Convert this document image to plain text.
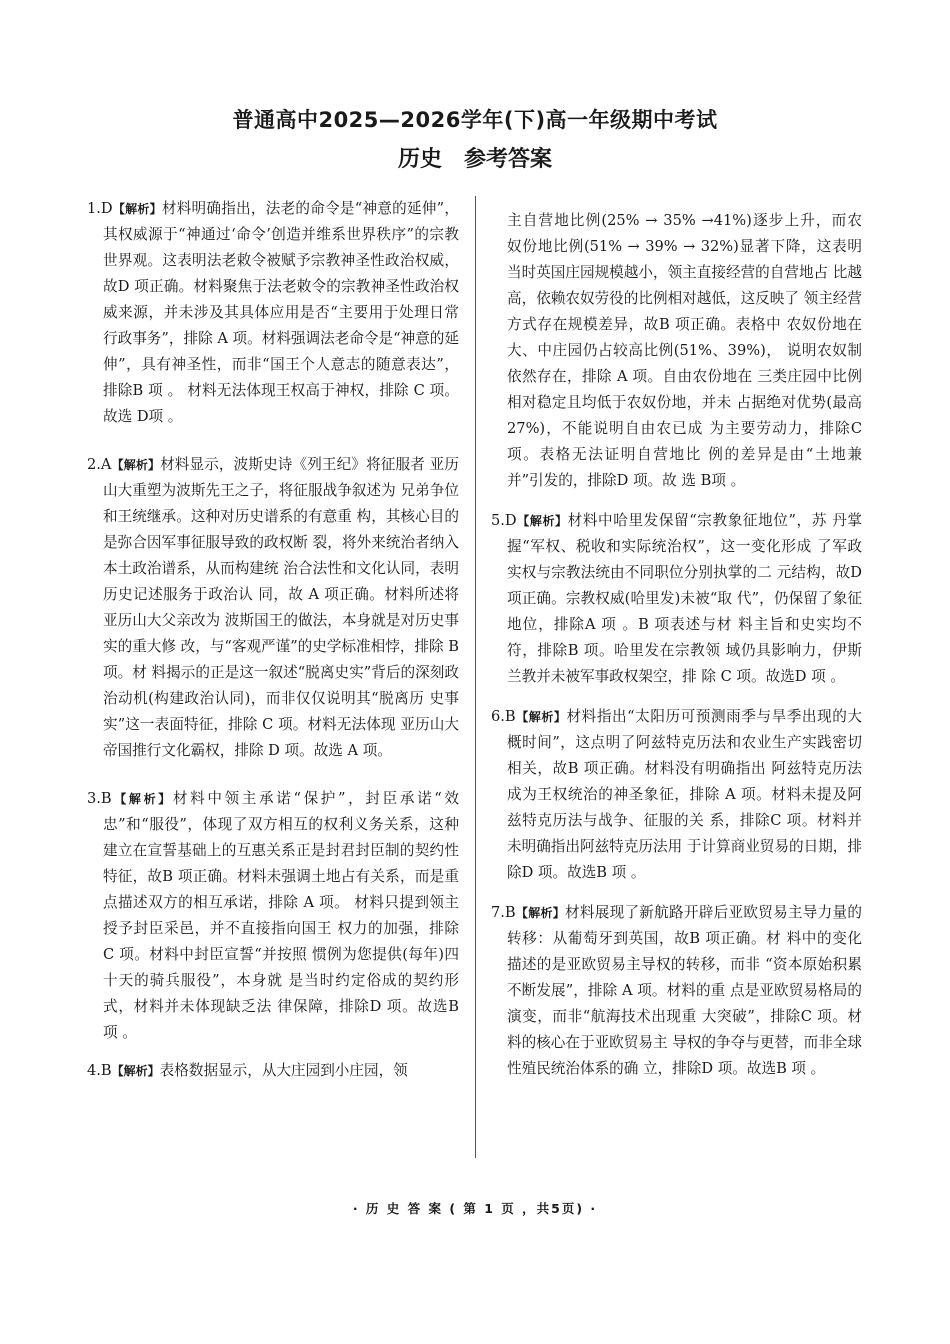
普通高中2025—2026学年(下)高一年级期中考试
历史　参考答案

1.D【解析】材料明确指出，法老的命令是“神意的延伸”，其权威源于“神通过‘命令’创造并维系世界秩序”的宗教世界观。这表明法老敕令被赋予宗教神圣性政治权威，故D 项正确。材料聚焦于法老敕令的宗教神圣性政治权威来源，并未涉及其具体应用是否“主要用于处理日常行政事务”，排除 A 项。材料强调法老命令是“神意的延伸”，具有神圣性，而非“国王个人意志的随意表达”，排除B 项 。 材料无法体现王权高于神权，排除 C 项。故选 D项 。

2.A【解析】材料显示，波斯史诗《列王纪》将征服者 亚历山大重塑为波斯先王之子，将征服战争叙述为 兄弟争位和王统继承。这种对历史谱系的有意重 构，其核心目的是弥合因军事征服导致的政权断 裂，将外来统治者纳入本土政治谱系，从而构建统 治合法性和文化认同，表明历史记述服务于政治认 同，故 A 项正确。材料所述将亚历山大父亲改为 波斯国王的做法，本身就是对历史事实的重大修 改，与“客观严谨”的史学标准相悖，排除 B 项。材 料揭示的正是这一叙述“脱离史实”背后的深刻政 治动机(构建政治认同)，而非仅仅说明其“脱离历 史事实”这一表面特征，排除 C 项。材料无法体现 亚历山大帝国推行文化霸权，排除 D 项。故选 A 项。

3.B【解析】材料中领主承诺“保护”，封臣承诺“效忠”和“服役”，体现了双方相互的权利义务关系，这种建立在宣誓基础上的互惠关系正是封君封臣制的契约性特征，故B 项正确。材料未强调土地占有关系，而是重点描述双方的相互承诺，排除 A 项。 材料只提到领主授予封臣采邑，并不直接指向国王 权力的加强，排除 C 项。材料中封臣宣誓“并按照 惯例为您提供(每年)四十天的骑兵服役”，本身就 是当时约定俗成的契约形式，材料并未体现缺乏法 律保障，排除D 项。故选B 项 。

4.B【解析】表格数据显示，从大庄园到小庄园，领

主自营地比例(25% → 35% →41%)逐步上升，而农 奴份地比例(51% → 39% → 32%)显著下降，这表明 当时英国庄园规模越小，领主直接经营的自营地占 比越高，依赖农奴劳役的比例相对越低，这反映了 领主经营方式存在规模差异，故B 项正确。表格中 农奴份地在大、中庄园仍占较高比例(51%、39%)， 说明农奴制依然存在，排除 A 项。自由农份地在 三类庄园中比例相对稳定且均低于农奴份地，并未 占据绝对优势(最高27%)，不能说明自由农已成 为主要劳动力，排除C 项。表格无法证明自营地比 例的差异是由“土地兼并”引发的，排除D 项。故 选 B项 。

5.D【解析】材料中哈里发保留“宗教象征地位”，苏 丹掌握“军权、税收和实际统治权”，这一变化形成 了军政实权与宗教法统由不同职位分别执掌的二 元结构，故D 项正确。宗教权威(哈里发)未被“取 代”，仍保留了象征地位，排除A 项 。B 项表述与材 料主旨和史实均不符，排除B 项。哈里发在宗教领 域仍具影响力，伊斯兰教并未被军事政权架空，排 除 C 项。故选D 项 。

6.B【解析】材料指出“太阳历可预测雨季与旱季出现的大概时间”，这点明了阿兹特克历法和农业生产实践密切相关，故B 项正确。材料没有明确指出 阿兹特克历法成为王权统治的神圣象征，排除 A 项。材料未提及阿兹特克历法与战争、征服的关 系，排除C 项。材料并未明确指出阿兹特克历法用 于计算商业贸易的日期，排除D 项。故选B 项 。

7.B【解析】材料展现了新航路开辟后亚欧贸易主导力量的转移：从葡萄牙到英国，故B 项正确。材 料中的变化描述的是亚欧贸易主导权的转移，而非 “资本原始积累不断发展”，排除 A 项。材料的重 点是亚欧贸易格局的演变，而非“航海技术出现重 大突破”，排除C 项。材料的核心在于亚欧贸易主 导权的争夺与更替，而非全球性殖民统治体系的确 立，排除D 项。故选B 项 。

· 历 史 答 案 ( 第 1 页 ，共5页) ·
